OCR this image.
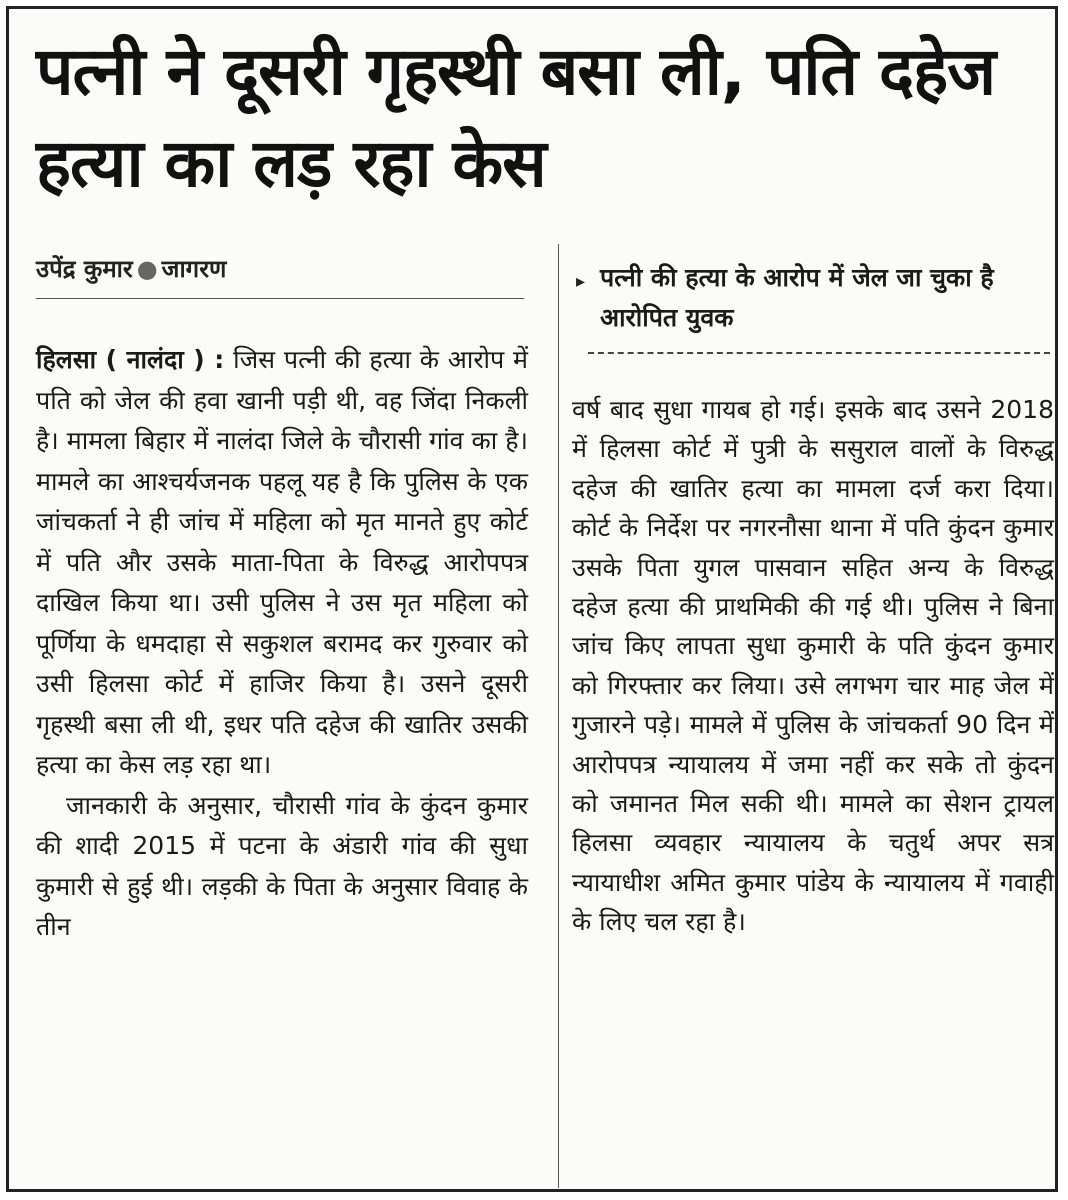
पत्नी ने दूसरी गृहस्थी बसा ली, पति दहेज हत्या का लड़ रहा केस
उपेंद्र कुमार ● जागरण

हिलसा ( नालंदा ) : जिस पत्नी की हत्या के आरोप में पति को जेल की हवा खानी पड़ी थी, वह जिंदा निकली है। मामला बिहार में नालंदा जिले के चौरासी गांव का है। मामले का आश्चर्यजनक पहलू यह है कि पुलिस के एक जांचकर्ता ने ही जांच में महिला को मृत मानते हुए कोर्ट में पति और उसके माता-पिता के विरुद्ध आरोपपत्र दाखिल किया था। उसी पुलिस ने उस मृत महिला को पूर्णिया के धमदाहा से सकुशल बरामद कर गुरुवार को उसी हिलसा कोर्ट में हाजिर किया है। उसने दूसरी गृहस्थी बसा ली थी, इधर पति दहेज की खातिर उसकी हत्या का केस लड़ रहा था।

जानकारी के अनुसार, चौरासी गांव के कुंदन कुमार की शादी 2015 में पटना के अंडारी गांव की सुधा कुमारी से हुई थी। लड़की के पिता के अनुसार विवाह के तीन

▸ पत्नी की हत्या के आरोप में जेल जा चुका है आरोपित युवक

वर्ष बाद सुधा गायब हो गई। इसके बाद उसने 2018 में हिलसा कोर्ट में पुत्री के ससुराल वालों के विरुद्ध दहेज की खातिर हत्या का मामला दर्ज करा दिया। कोर्ट के निर्देश पर नगरनौसा थाना में पति कुंदन कुमार उसके पिता युगल पासवान सहित अन्य के विरुद्ध दहेज हत्या की प्राथमिकी की गई थी। पुलिस ने बिना जांच किए लापता सुधा कुमारी के पति कुंदन कुमार को गिरफ्तार कर लिया। उसे लगभग चार माह जेल में गुजारने पड़े। मामले में पुलिस के जांचकर्ता 90 दिन में आरोपपत्र न्यायालय में जमा नहीं कर सके तो कुंदन को जमानत मिल सकी थी। मामले का सेशन ट्रायल हिलसा व्यवहार न्यायालय के चतुर्थ अपर सत्र न्यायाधीश अमित कुमार पांडेय के न्यायालय में गवाही के लिए चल रहा है।
